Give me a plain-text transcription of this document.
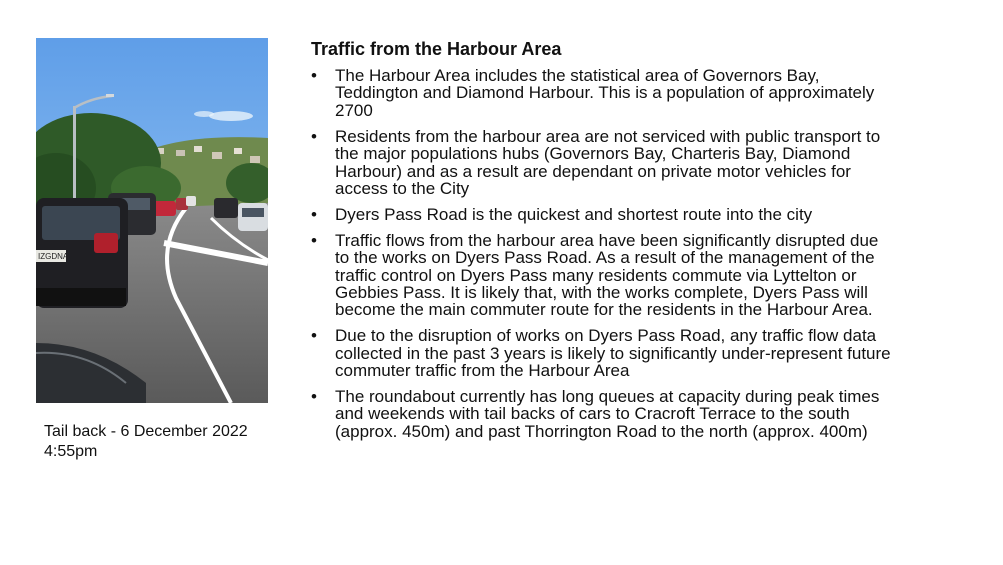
IZGDNA
Tail back - 6 December 2022
4:55pm
Traffic from the Harbour Area
• The Harbour Area includes the statistical area of Governors Bay,
Teddington and Diamond Harbour. This is a population of approximately
2700
• Residents from the harbour area are not serviced with public transport to
the major populations hubs (Governors Bay, Charteris Bay, Diamond
Harbour) and as a result are dependant on private motor vehicles for
access to the City
• Dyers Pass Road is the quickest and shortest route into the city
• Traffic flows from the harbour area have been significantly disrupted due
to the works on Dyers Pass Road. As a result of the management of the
traffic control on Dyers Pass many residents commute via Lyttelton or
Gebbies Pass. It is likely that, with the works complete, Dyers Pass will
become the main commuter route for the residents in the Harbour Area.
• Due to the disruption of works on Dyers Pass Road, any traffic flow data
collected in the past 3 years is likely to significantly under-represent future
commuter traffic from the Harbour Area
• The roundabout currently has long queues at capacity during peak times
and weekends with tail backs of cars to Cracroft Terrace to the south
(approx. 450m) and past Thorrington Road to the north (approx. 400m)
